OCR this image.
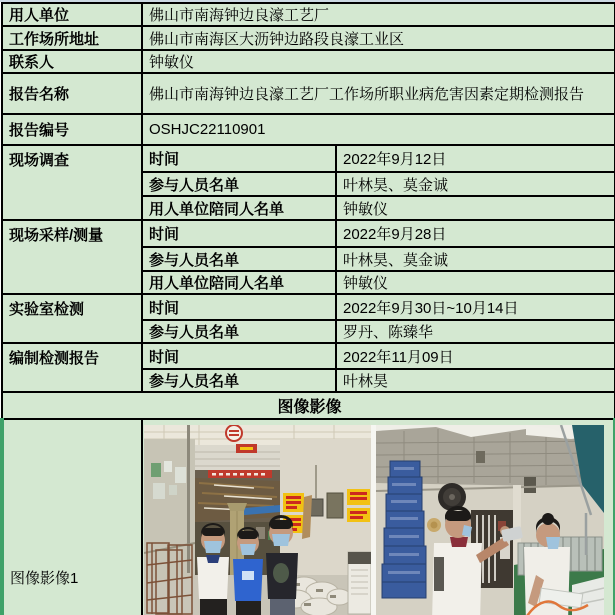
用人单位	佛山市南海钟边良濠工艺厂	
工作场所地址	佛山市南海区大沥钟边路段良濠工业区	
联系人	钟敏仪	
报告名称	佛山市南海钟边良濠工艺厂工作场所职业病危害因素定期检测报告	
报告编号	OSHJC22110901	
现场调查	时间	2022年9月12日
	参与人员名单	叶林昊、莫金诚
	用人单位陪同人名单	钟敏仪
现场采样/测量	时间	2022年9月28日
	参与人员名单	叶林昊、莫金诚
	用人单位陪同人名单	钟敏仪
实验室检测	时间	2022年9月30日~10月14日
	参与人员名单	罗丹、陈臻华
编制检测报告	时间	2022年11月09日
	参与人员名单	叶林昊
图像影像		
图像影像1	
